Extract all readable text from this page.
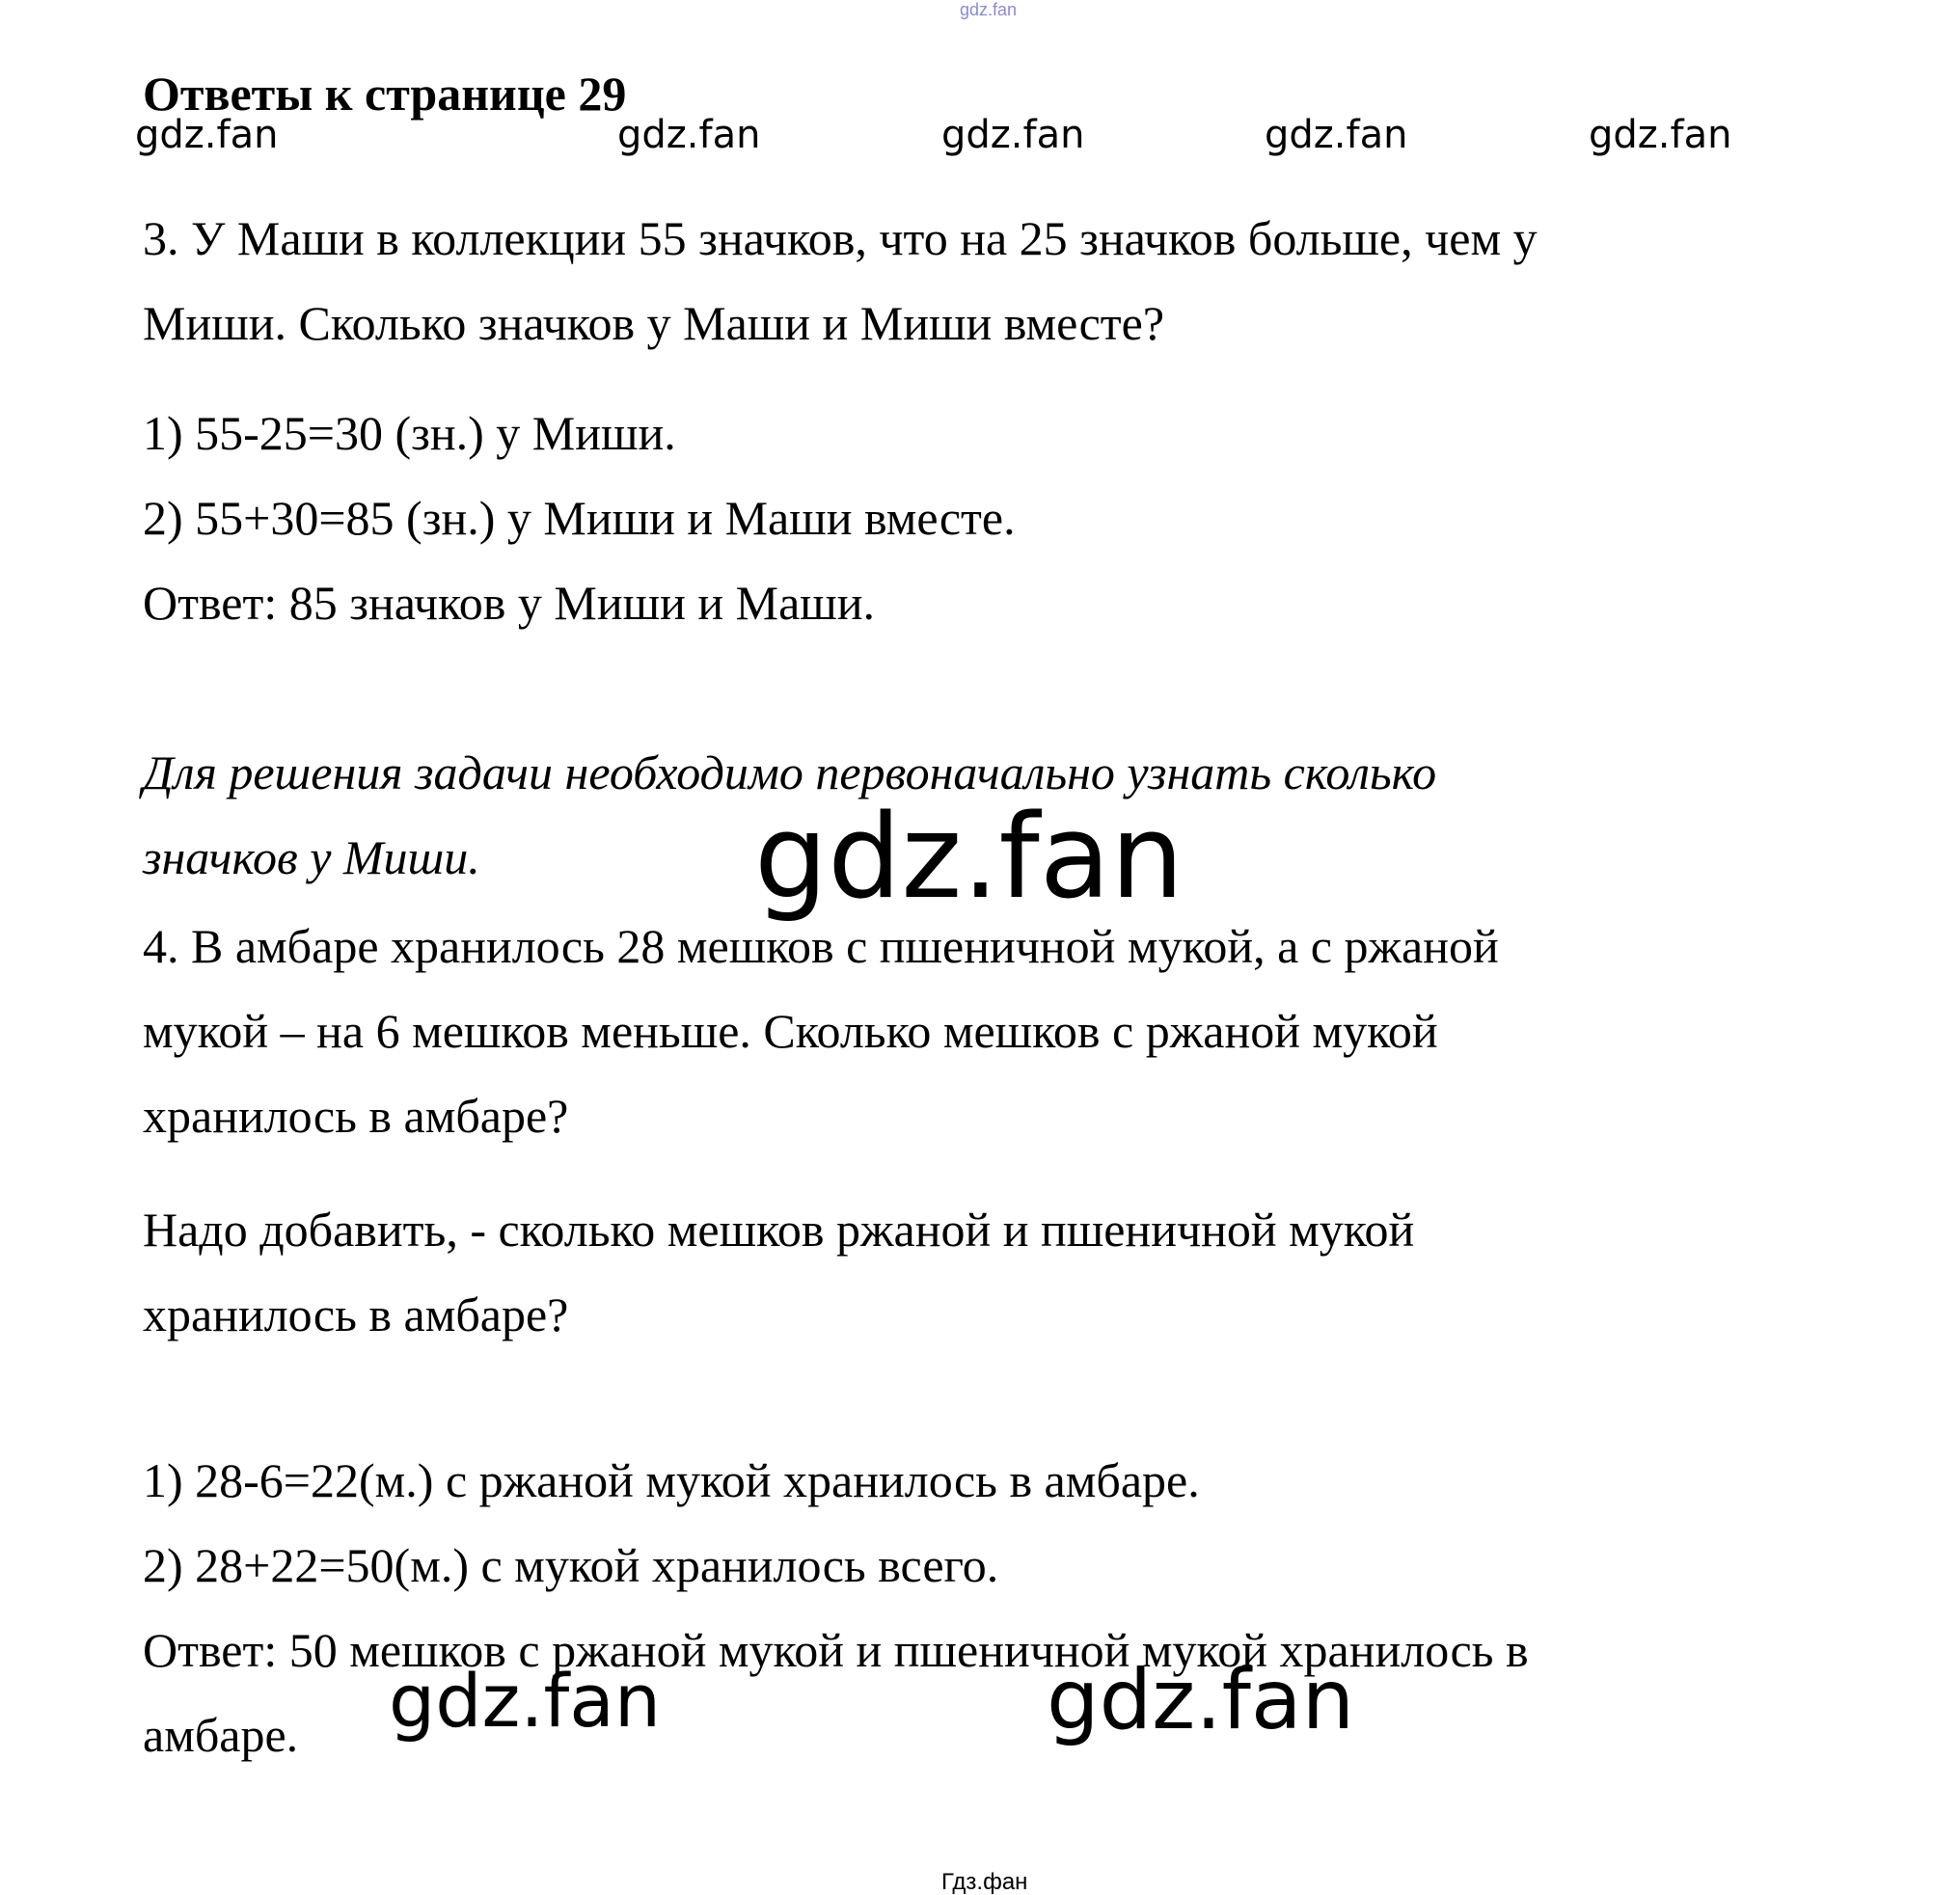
gdz.fan
Ответы к странице 29
gdz.fan	gdz.fan	gdz.fan	gdz.fan	gdz.fan
3. У Маши в коллекции 55 значков, что на 25 значков больше, чем у
Миши. Сколько значков у Маши и Миши вместе?
1) 55-25=30 (зн.) у Миши.
2) 55+30=85 (зн.) у Миши и Маши вместе.
Ответ: 85 значков у Миши и Маши.
Для решения задачи необходимо первоначально узнать сколько
значков у Миши. gdz.fan
4. В амбаре хранилось 28 мешков с пшеничной мукой, а с ржаной
мукой – на 6 мешков меньше. Сколько мешков с ржаной мукой
хранилось в амбаре?
Надо добавить, - сколько мешков ржаной и пшеничной мукой
хранилось в амбаре?
1) 28-6=22(м.) с ржаной мукой хранилось в амбаре.
2) 28+22=50(м.) с мукой хранилось всего.
Ответ: 50 мешков с ржаной мукой и пшеничной мукой хранилось в
амбаре. gdz.fan	gdz.fan
Гдз.фан
